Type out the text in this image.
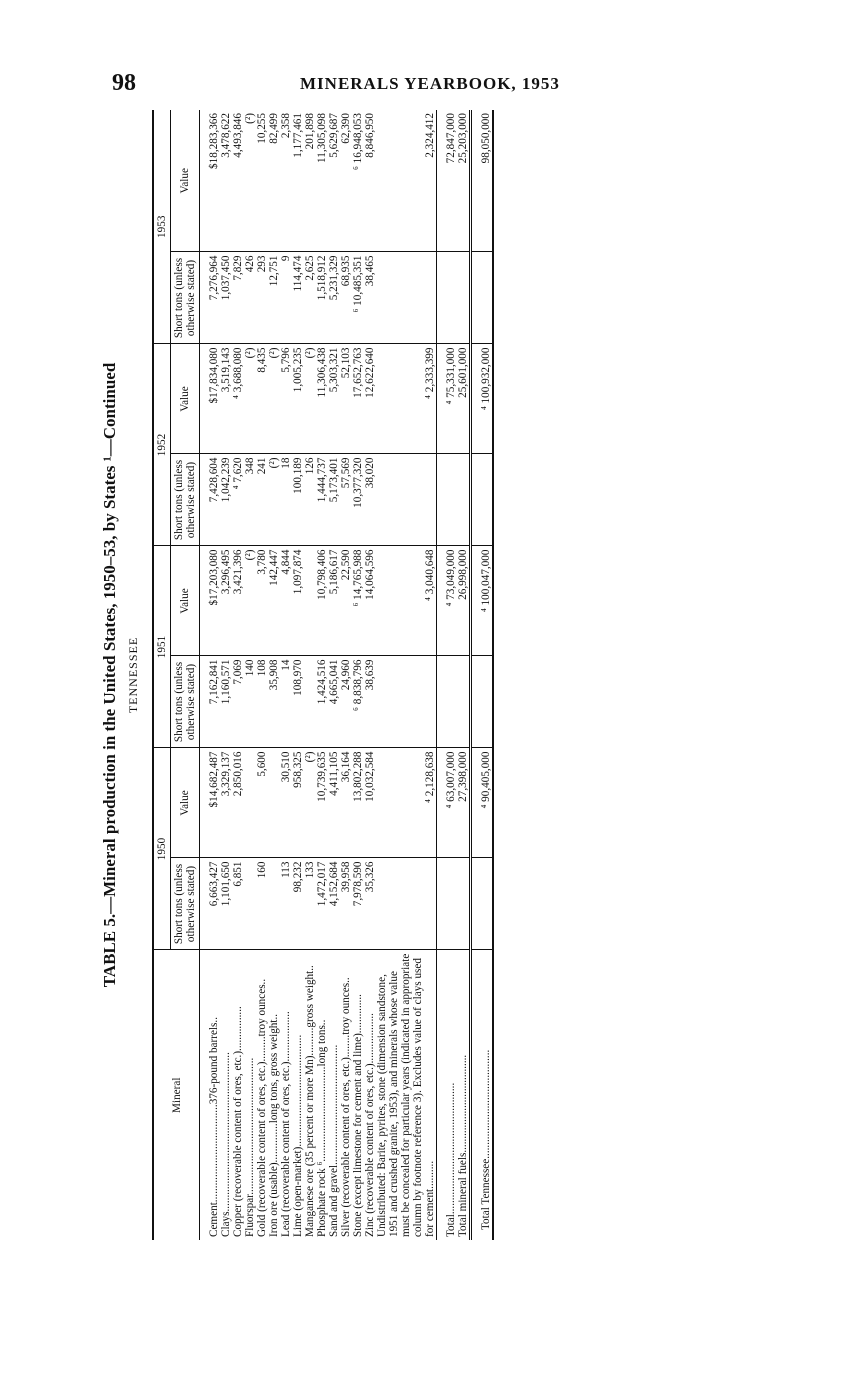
98	MINERALS YEARBOOK, 1953
TABLE 5.—Mineral production in the United States, 1950–53, by States ¹—Continued TENNESSEE
Mineral	1950		1951		1952		1953	
	Short tons (unless otherwise stated)	Value	Short tons (unless otherwise stated)	Value	Short tons (unless otherwise stated)	Value	Short tons (unless otherwise stated)	Value
Cement...................................376-pound barrels..	6,663,427	$14,682,487	7,162,841	$17,203,080	7,428,604	$17,834,080	7,276,964	$18,283,366
Clays.........................................................	1,101,650	3,329,137	1,160,571	3,296,495	1,042,239	3,519,143	1,037,450	3,478,622
Copper (recoverable content of ores, etc.)................	6,851	2,850,016	7,069	3,421,396	⁴ 7,620	⁴ 3,688,080	7,829	4,493,846
Fluorspar.................................................			140	(²)	348	(²)	426	(²)
Gold (recoverable content of ores, etc.).........troy ounces..	160	5,600	108	3,780	241	8,435	293	10,255
Iron ore (usable)..............long tons, gross weight..			35,908	142,447	(²)	(²)	12,751	82,499
Lead (recoverable content of ores, etc.)..................	113	30,510	14	4,844	18	5,796	9	2,358
Lime (open-market)........................................	98,232	958,325	108,970	1,097,874	100,189	1,005,235	114,474	1,177,461
Manganese ore (35 percent or more Mn)..........gross weight..	133	(²)			126	(²)	2,625	201,898
Phosphate rock ⁶..................................long tons..	1,472,017	10,739,635	1,424,516	10,798,406	1,444,737	11,306,438	1,518,912	11,305,098
Sand and gravel...........................................	4,152,684	4,411,105	4,665,041	5,186,617	5,173,401	5,303,321	5,231,329	5,629,687
Silver (recoverable content of ores, etc.)........troy ounces..	39,958	36,164	24,960	22,590	57,569	52,103	68,935	62,390
Stone (except limestone for cement and lime)..............	7,978,590	13,802,288	⁶ 8,838,796	⁶ 14,765,988	10,377,320	17,652,763	⁶ 10,485,351	⁶ 16,948,053
Zinc (recoverable content of ores, etc.)..................	35,326	10,032,584	38,639	14,064,596	38,020	12,622,640	38,465	8,846,950
Undistributed: Barite, pyrites, stone (dimension sandstone, 1951 and crushed granite, 1953), and minerals whose value must be concealed for particular years (indicated in appropriate column by footnote reference 3). Excludes value of clays used for cement..........		⁴ 2,128,638		⁴ 3,040,648		⁴ 2,333,399		2,324,412
Total...............................................		⁴ 63,007,000		⁴ 73,049,000		⁴ 75,331,000		72,847,000
Total mineral fuels...................................		27,398,000		26,998,000		25,601,000		25,203,000
Total Tennessee.......................................		⁴ 90,405,000		⁴ 100,047,000		⁴ 100,932,000		98,050,000
